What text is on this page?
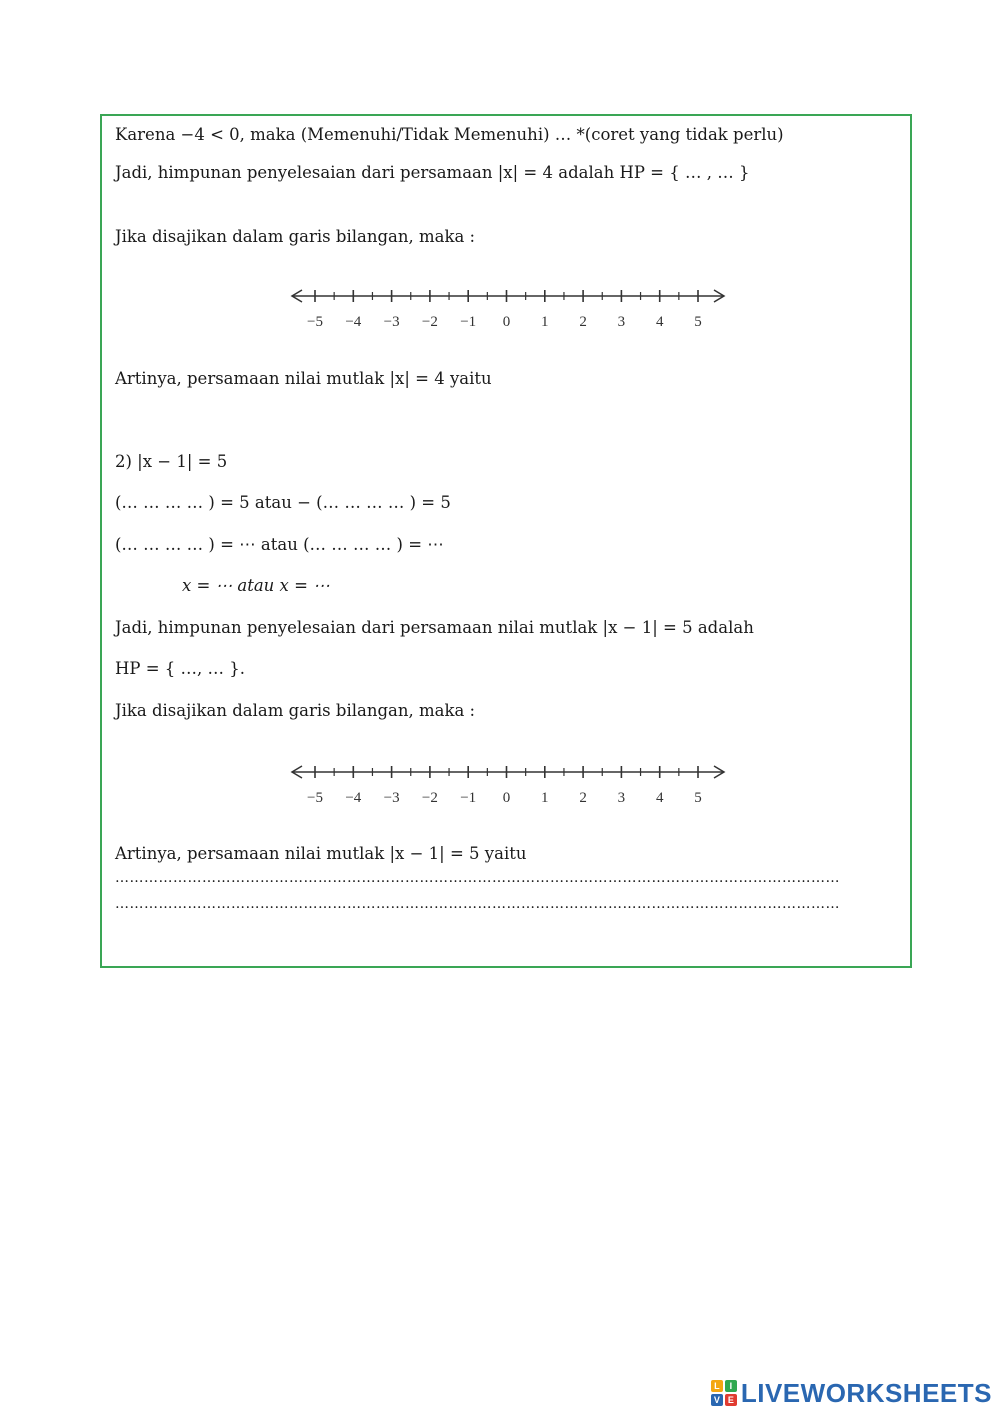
Karena −4 < 0, maka (Memenuhi/Tidak Memenuhi) … *(coret yang tidak perlu)
Jadi, himpunan penyelesaian dari persamaan |x| = 4 adalah HP = { … , … }
Jika disajikan dalam garis bilangan, maka :
−5 −4 −3 −2 −1 0 1 2 3 4 5
Artinya, persamaan nilai mutlak |x| = 4 yaitu
2) |x − 1| = 5
(… … … … ) = 5 atau − (… … … … ) = 5
(… … … … ) = ⋯ atau (… … … … ) = ⋯
x = ⋯ atau x = ⋯
Jadi, himpunan penyelesaian dari persamaan nilai mutlak |x − 1| = 5 adalah
HP = { …, … }.
Jika disajikan dalam garis bilangan, maka :
−5 −4 −3 −2 −1 0 1 2 3 4 5
Artinya, persamaan nilai mutlak |x − 1| = 5 yaitu
……………………………………………………………………………………………………………………………………
……………………………………………………………………………………………………………………………………
L	I
V E LIVEWORKSHEETS
